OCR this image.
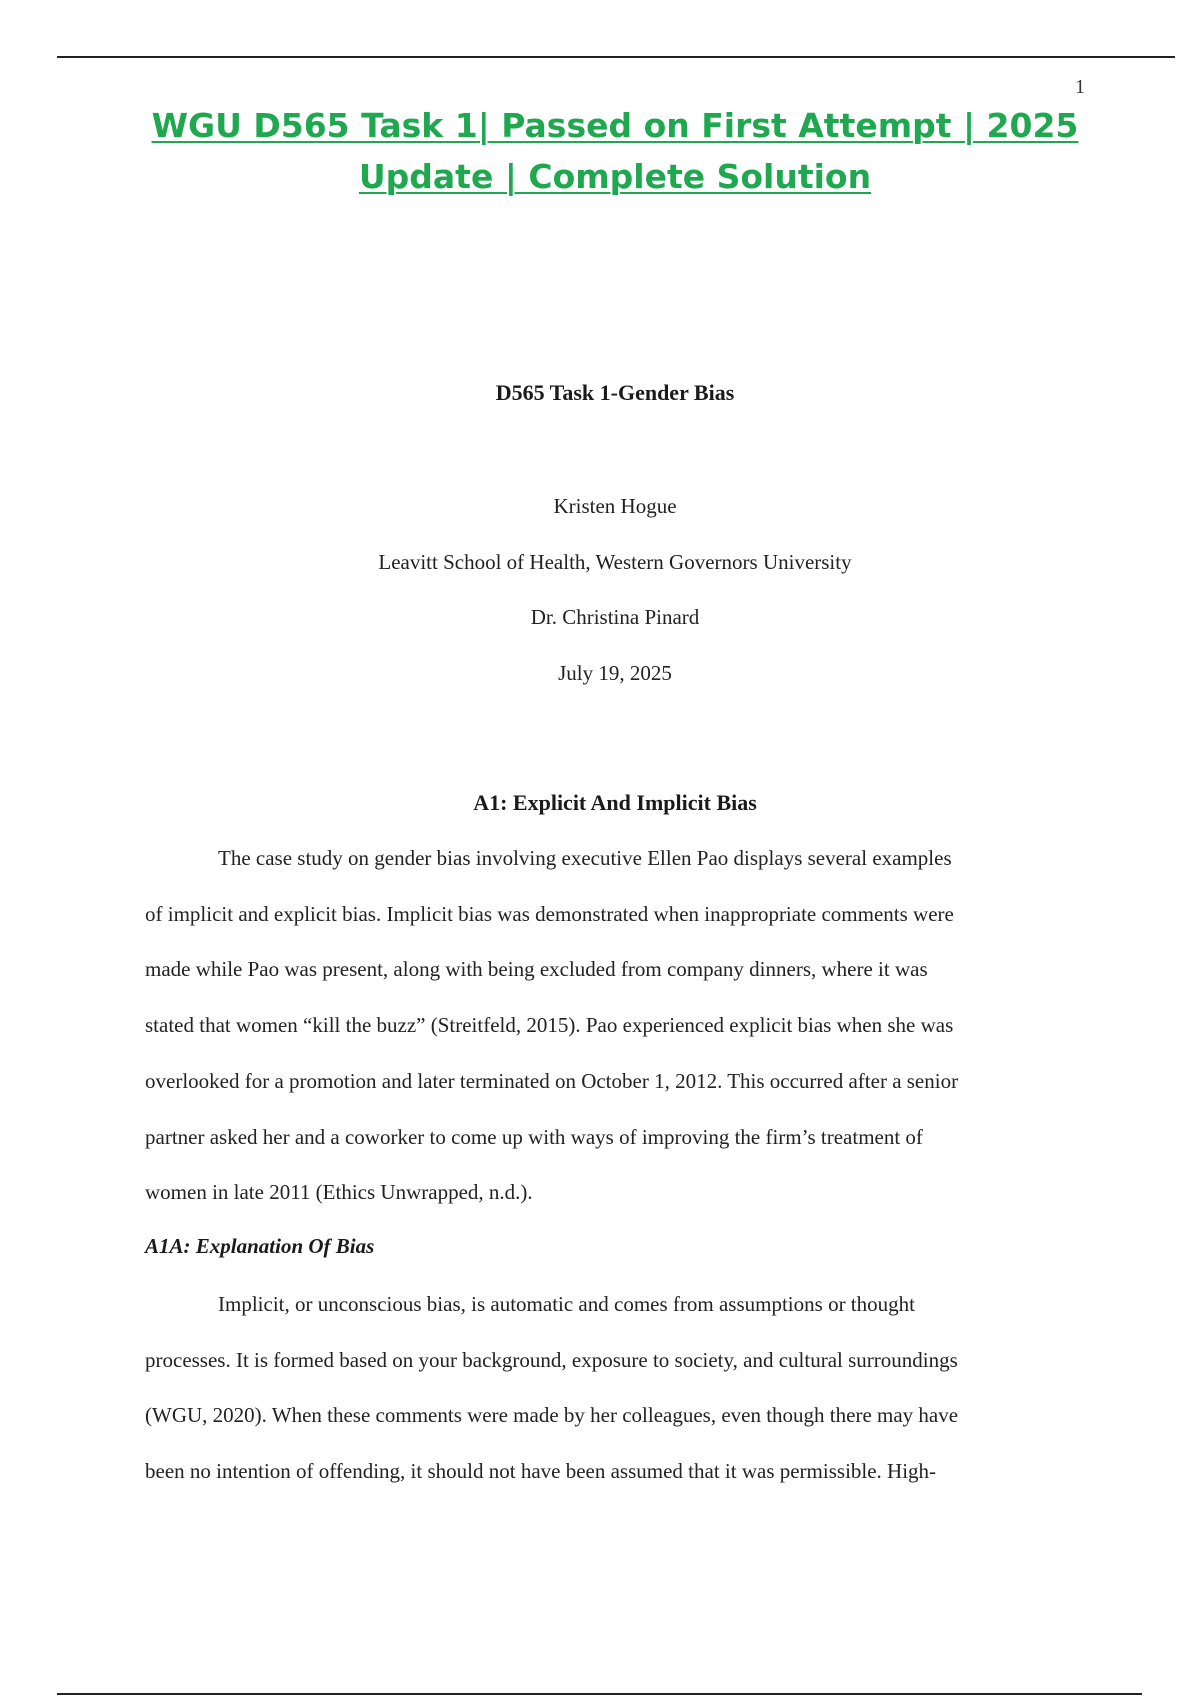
1
WGU D565 Task 1| Passed on First Attempt | 2025
Update | Complete Solution
D565 Task 1-Gender Bias
Kristen Hogue
Leavitt School of Health, Western Governors University
Dr. Christina Pinard
July 19, 2025
A1: Explicit And Implicit Bias
The case study on gender bias involving executive Ellen Pao displays several examples
of implicit and explicit bias. Implicit bias was demonstrated when inappropriate comments were
made while Pao was present, along with being excluded from company dinners, where it was
stated that women “kill the buzz” (Streitfeld, 2015). Pao experienced explicit bias when she was
overlooked for a promotion and later terminated on October 1, 2012. This occurred after a senior
partner asked her and a coworker to come up with ways of improving the firm’s treatment of
women in late 2011 (Ethics Unwrapped, n.d.).
A1A: Explanation Of Bias
Implicit, or unconscious bias, is automatic and comes from assumptions or thought
processes. It is formed based on your background, exposure to society, and cultural surroundings
(WGU, 2020). When these comments were made by her colleagues, even though there may have
been no intention of offending, it should not have been assumed that it was permissible. High-
